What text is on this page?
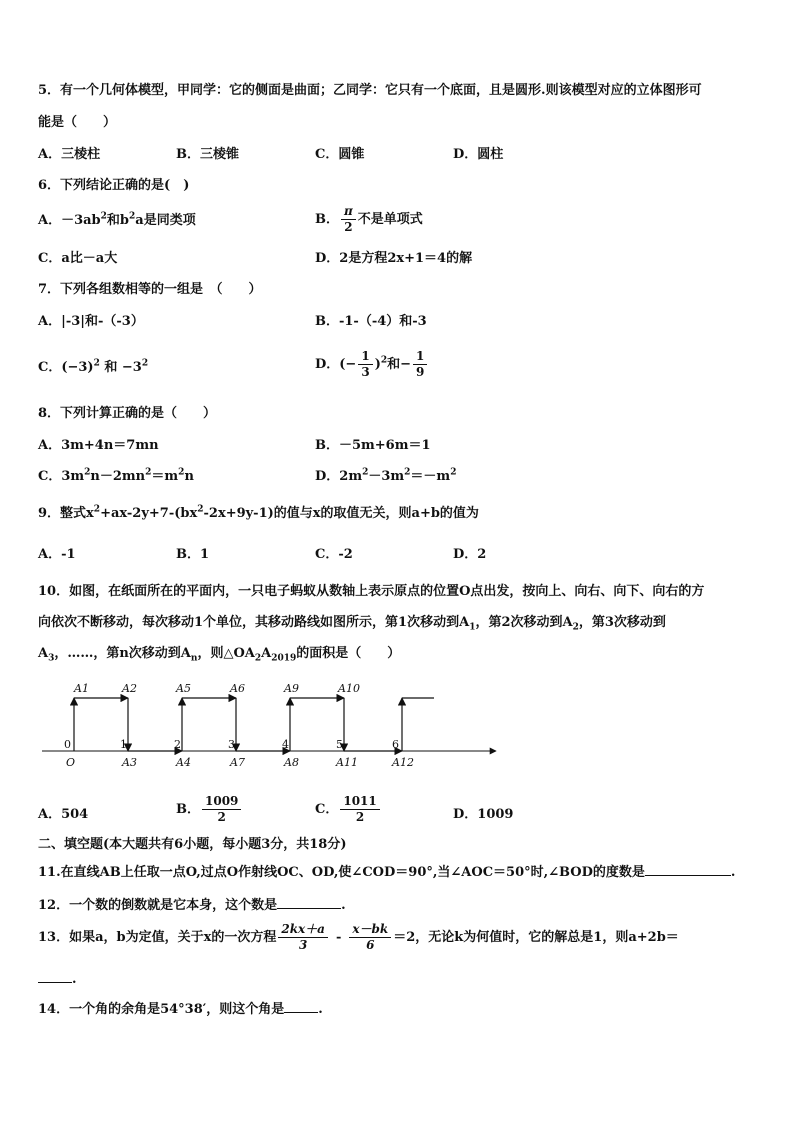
5．有一个几何体模型，甲同学：它的侧面是曲面；乙同学：它只有一个底面，且是圆形.则该模型对应的立体图形可
能是（　　）
A．三棱柱	B．三棱锥	C．圆锥	D．圆柱
6．下列结论正确的是(　)
A．$-3ab^2$和$b^2a$是同类项	B． $\frac{\pi}{2}$ 不是单项式
C．a比－a大	D．2是方程2x+1＝4的解
7．下列各组数相等的一组是　（　　）
A．|-3|和-（-3）	B．-1-（-4）和-3
C．$(-3)^2$ 和 $-3^2$	D．(− $\frac{1}{3} )^2$和− $\frac{1}{9}$
8．下列计算正确的是（　　）
A．3m+4n＝7mn	B．－5m+6m＝1
C．$3m^2n-2mn^2=m^2n$	D．$2m^2-3m^2=-m^2$
9．整式$x^2+ax-2y+7-(bx^2-2x+9y-1)$的值与x的取值无关，则a+b的值为
A．-1	B．1	C．-2	D．2
10．如图，在纸面所在的平面内，一只电子蚂蚁从数轴上表示原点的位置O点出发，按向上、向右、向下、向右的方
向依次不断移动，每次移动1个单位，其移动路线如图所示，第1次移动到$A_1$，第2次移动到$A_2$，第3次移动到
$A_3$，……，第n次移动到$A_n$，则$\triangle OA_2A_{2019}$的面积是（　　）
A1	A2	A5	A6	A9	A10
0	1	2	3	4	5	6
O	A3	A4	A7	A8	A11	A12
A．504	B． $\frac{1009}{2}$	C． $\frac{1011}{2}$	D．1009
二、填空题(本大题共有6小题，每小题3分，共18分)
11.在直线AB上任取一点O,过点O作射线OC、OD,使∠COD＝90°,当∠AOC＝50°时,∠BOD的度数是	.
12．一个数的倒数就是它本身，这个数是	.
13．如果a，b为定值，关于x的一次方程 $\frac{2kx+a}{3} - \frac{x-bk}{6} =2$，无论k为何值时，它的解总是1，则a+2b＝
.
14．一个角的余角是54°38′，则这个角是	.
